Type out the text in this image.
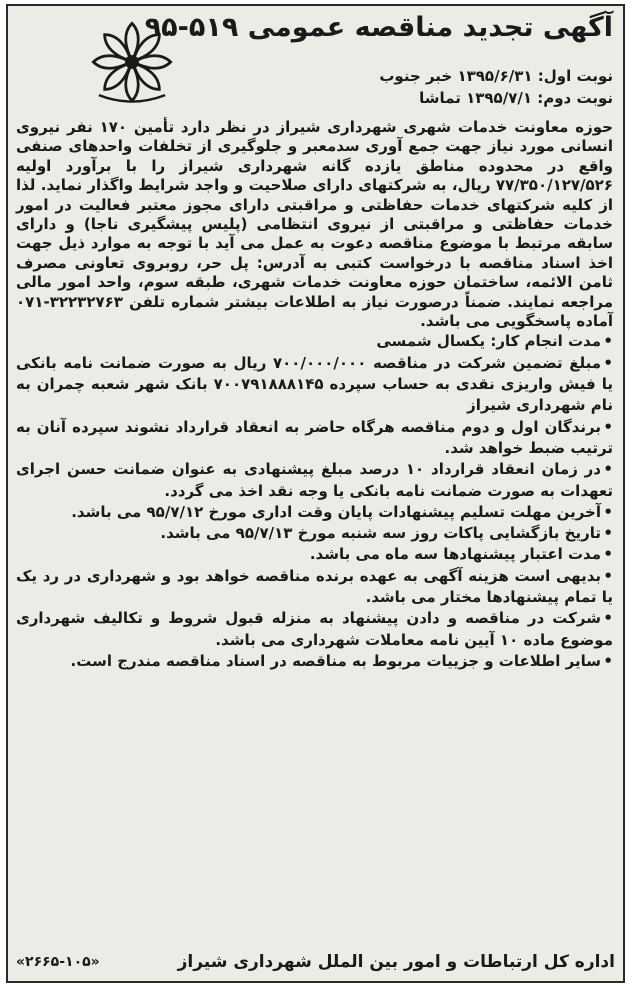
آگهی تجدید مناقصه عمومی ۵۱۹-۹۵
نوبت اول: ۱۳۹۵/۶/۳۱ خبر جنوب
نوبت دوم: ۱۳۹۵/۷/۱ تماشا

حوزه معاونت خدمات شهری شهرداری شیراز در نظر دارد تأمین ۱۷۰ نفر نیروی انسانی مورد نیاز جهت جمع آوری سدمعبر و جلوگیری از تخلفات واحدهای صنفی واقع در محدوده مناطق یازده گانه شهرداری شیراز را با برآورد اولیه ۷۷/۳۵۰/۱۲۷/۵۲۶ ریال، به شرکتهای دارای صلاحیت و واجد شرایط واگذار نماید. لذا از کلیه شرکتهای خدمات حفاظتی و مراقبتی دارای مجوز معتبر فعالیت در امور خدمات حفاظتی و مراقبتی از نیروی انتظامی (پلیس پیشگیری ناجا) و دارای سابقه مرتبط با موضوع مناقصه دعوت به عمل می آید با توجه به موارد ذیل جهت اخذ اسناد مناقصه با درخواست کتبی به آدرس: پل حر، روبروی تعاونی مصرف ثامن الائمه، ساختمان حوزه معاونت خدمات شهری، طبقه سوم، واحد امور مالی مراجعه نمایند. ضمناً درصورت نیاز به اطلاعات بیشتر شماره تلفن ۳۲۲۳۲۷۶۳-۰۷۱ آماده پاسخگویی می باشد.

•مدت انجام کار: یکسال شمسی
•مبلغ تضمین شرکت در مناقصه ۷۰۰/۰۰۰/۰۰۰ ریال به صورت ضمانت نامه بانکی یا فیش واریزی نقدی به حساب سپرده ۷۰۰۷۹۱۸۸۸۱۴۵ بانک شهر شعبه چمران به نام شهرداری شیراز
•برندگان اول و دوم مناقصه هرگاه حاضر به انعقاد قرارداد نشوند سپرده آنان به ترتیب ضبط خواهد شد.
•در زمان انعقاد قرارداد ۱۰ درصد مبلغ پیشنهادی به عنوان ضمانت حسن اجرای تعهدات به صورت ضمانت نامه بانکی یا وجه نقد اخذ می گردد.
•آخرین مهلت تسلیم پیشنهادات پایان وقت اداری مورخ ۹۵/۷/۱۲ می باشد.
•تاریخ بازگشایی پاکات روز سه شنبه مورخ ۹۵/۷/۱۳ می باشد.
•مدت اعتبار پیشنهادها سه ماه می باشد.
•بدیهی است هزینه آگهی به عهده برنده مناقصه خواهد بود و شهرداری در رد یک یا تمام پیشنهادها مختار می باشد.
•شرکت در مناقصه و دادن پیشنهاد به منزله قبول شروط و تکالیف شهرداری موضوع ماده ۱۰ آیین نامه معاملات شهرداری می باشد.
•سایر اطلاعات و جزییات مربوط به مناقصه در اسناد مناقصه مندرج است.
اداره کل ارتباطات و امور بین الملل شهرداری شیراز
«۲۶۶۵-۱۰۵»
